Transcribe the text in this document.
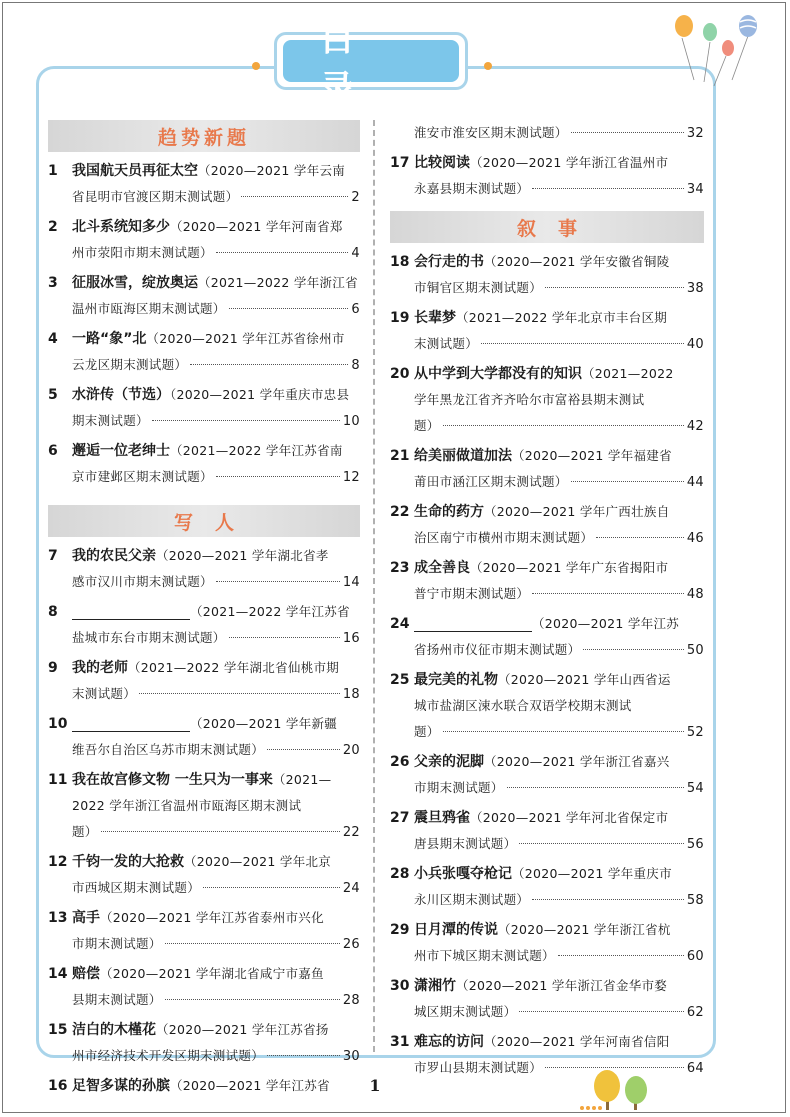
目 录
趋势新题
1 我国航天员再征太空（2020—2021 学年云南
省昆明市官渡区期末测试题）	2
2 北斗系统知多少（2020—2021 学年河南省郑
州市荥阳市期末测试题）	4
3 征服冰雪，绽放奥运（2021—2022 学年浙江省
温州市瓯海区期末测试题）	6
4 一路“象”北（2020—2021 学年江苏省徐州市
云龙区期末测试题）	8
5 水浒传（节选）（2020—2021 学年重庆市忠县
期末测试题）	10
6 邂逅一位老绅士（2021—2022 学年江苏省南
京市建邺区期末测试题）	12
写人
7 我的农民父亲（2020—2021 学年湖北省孝
感市汉川市期末测试题）	14
8	（2021—2022 学年江苏省
盐城市东台市期末测试题）	16
9 我的老师（2021—2022 学年湖北省仙桃市期
末测试题）	18
10	（2020—2021 学年新疆
维吾尔自治区乌苏市期末测试题）	20
11 我在故宫修文物 一生只为一事来（2021—
2022 学年浙江省温州市瓯海区期末测试
题）	22
12 千钧一发的大抢救（2020—2021 学年北京
市西城区期末测试题）	24
13 高手（2020—2021 学年江苏省泰州市兴化
市期末测试题）	26
14 赔偿（2020—2021 学年湖北省咸宁市嘉鱼
县期末测试题）	28
15 洁白的木槿花（2020—2021 学年江苏省扬
州市经济技术开发区期末测试题）	30
16 足智多谋的孙膑（2020—2021 学年江苏省
淮安市淮安区期末测试题）	32
17 比较阅读（2020—2021 学年浙江省温州市
永嘉县期末测试题）	34
叙事
18 会行走的书（2020—2021 学年安徽省铜陵
市铜官区期末测试题）	38
19 长辈梦（2021—2022 学年北京市丰台区期
末测试题）	40
20 从中学到大学都没有的知识（2021—2022
学年黑龙江省齐齐哈尔市富裕县期末测试
题）	42
21 给美丽做道加法（2020—2021 学年福建省
莆田市涵江区期末测试题）	44
22 生命的药方（2020—2021 学年广西壮族自
治区南宁市横州市期末测试题）	46
23 成全善良（2020—2021 学年广东省揭阳市
普宁市期末测试题）	48
24	（2020—2021 学年江苏
省扬州市仪征市期末测试题）	50
25 最完美的礼物（2020—2021 学年山西省运
城市盐湖区涑水联合双语学校期末测试
题）	52
26 父亲的泥脚（2020—2021 学年浙江省嘉兴
市期末测试题）	54
27 震旦鸦雀（2020—2021 学年河北省保定市
唐县期末测试题）	56
28 小兵张嘎夺枪记（2020—2021 学年重庆市
永川区期末测试题）	58
29 日月潭的传说（2020—2021 学年浙江省杭
州市下城区期末测试题）	60
30 潇湘竹（2020—2021 学年浙江省金华市婺
城区期末测试题）	62
31 难忘的访问（2020—2021 学年河南省信阳
市罗山县期末测试题）	64
1
